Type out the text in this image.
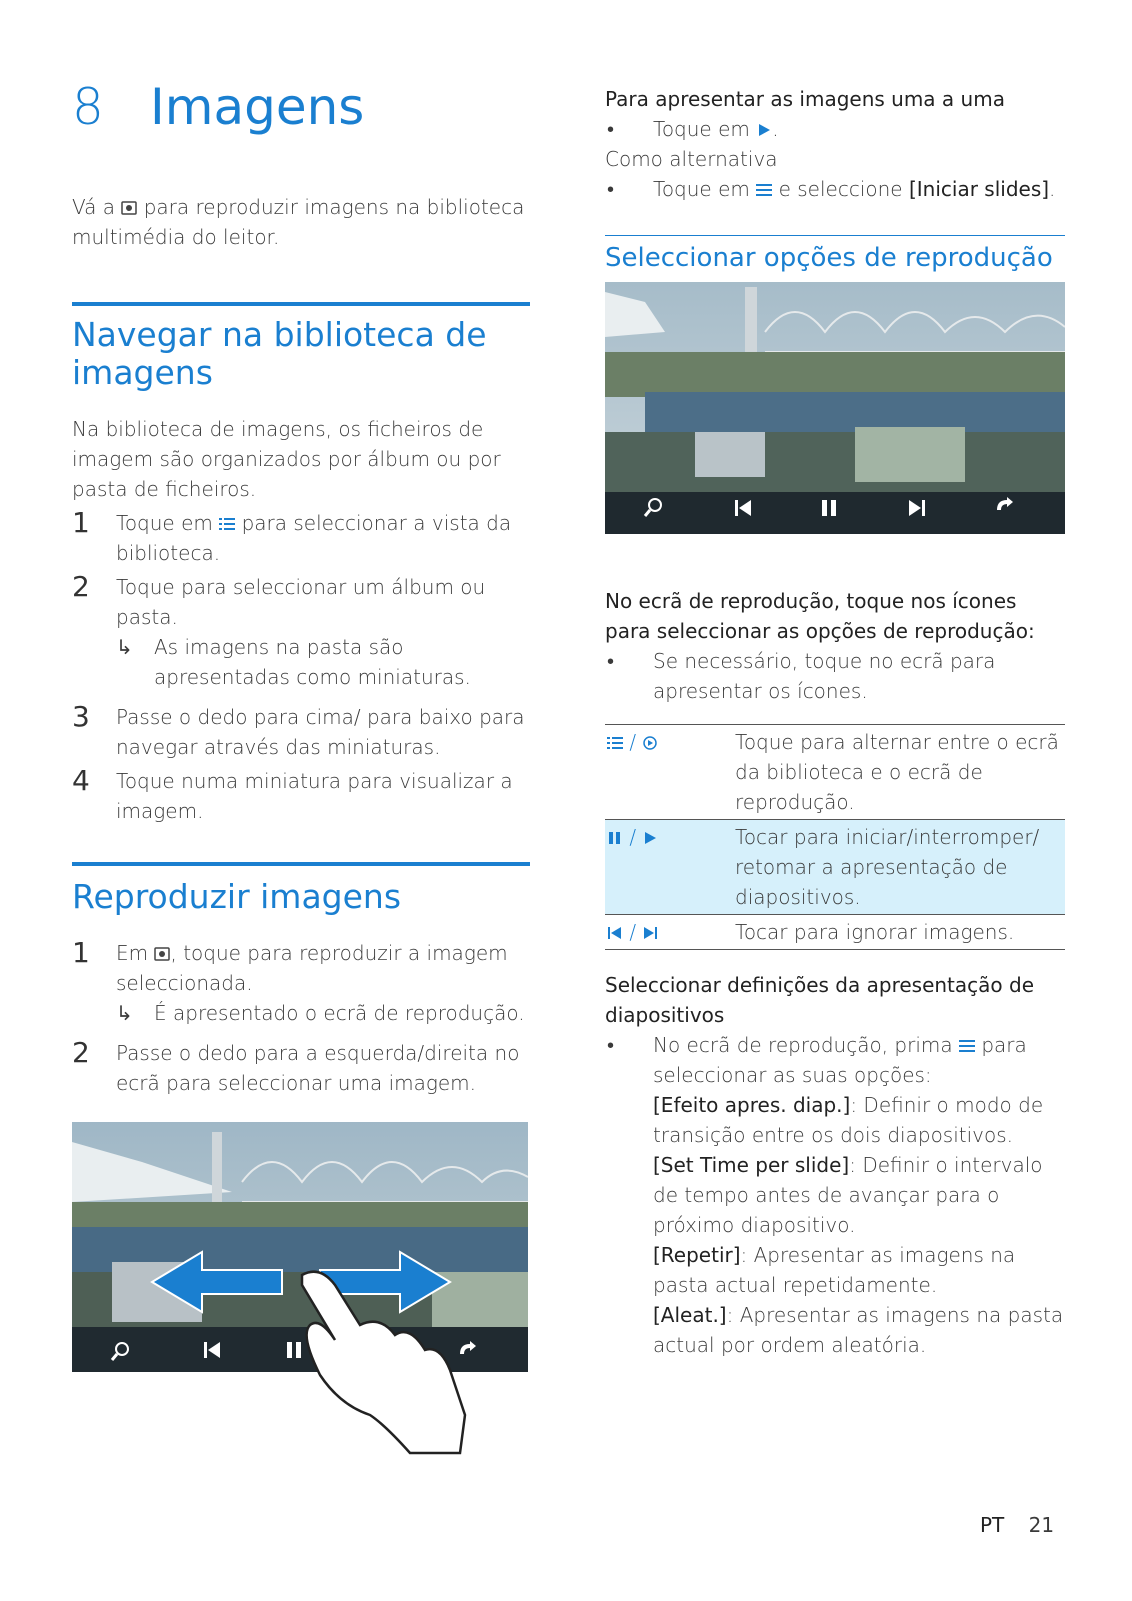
8 Imagens

Vá a para reproduzir imagens na biblioteca multimédia do leitor.

Navegar na biblioteca de imagens

Na biblioteca de imagens, os ficheiros de imagem são organizados por álbum ou por pasta de ficheiros.

1	Toque em para seleccionar a vista da biblioteca.
2	Toque para seleccionar um álbum ou pasta.
↳	As imagens na pasta são apresentadas como miniaturas.
3	Passe o dedo para cima/ para baixo para navegar através das miniaturas.
4	Toque numa miniatura para visualizar a imagem.
Reproduzir imagens
1	Em , toque para reproduzir a imagem seleccionada.
↳	É apresentado o ecrã de reprodução.
2	Passe o dedo para a esquerda/direita no ecrã para seleccionar uma imagem.

Para apresentar as imagens uma a uma

•	Toque em .

Como alternativa

•	Toque em e seleccione [Iniciar slides].
Seleccionar opções de reprodução

No ecrã de reprodução, toque nos ícones para seleccionar as opções de reprodução:

•	Se necessário, toque no ecrã para apresentar os ícones.
/	Toque para alternar entre o ecrã da biblioteca e o ecrã de reprodução.
/	Tocar para iniciar/interromper/ retomar a apresentação de diapositivos.
/	Tocar para ignorar imagens.

Seleccionar definições da apresentação de diapositivos

•	No ecrã de reprodução, prima para seleccionar as suas opções:
[Efeito apres. diap.]: Definir o modo de transição entre os dois diapositivos.
[Set Time per slide]: Definir o intervalo de tempo antes de avançar para o próximo diapositivo.
[Repetir]: Apresentar as imagens na pasta actual repetidamente.
[Aleat.]: Apresentar as imagens na pasta actual por ordem aleatória.
PT 21
